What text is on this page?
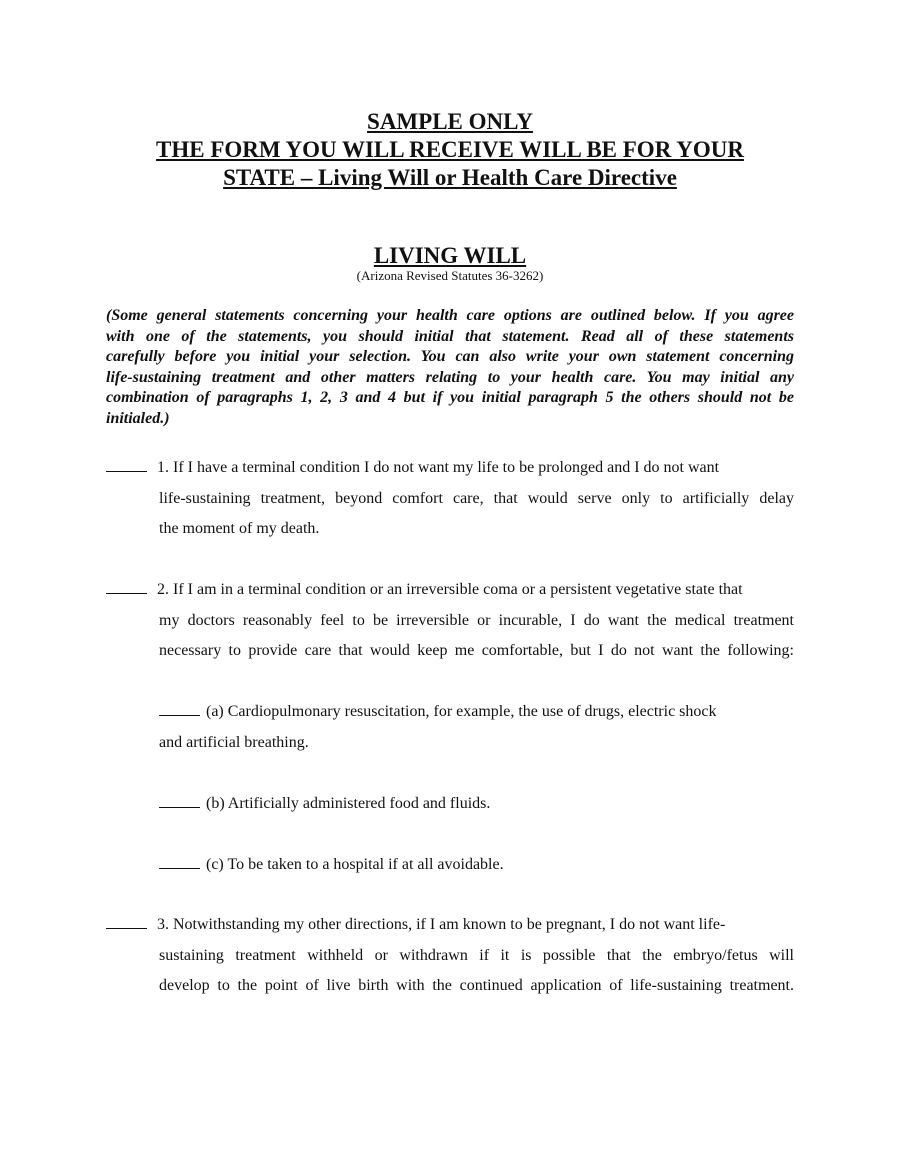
SAMPLE ONLY
THE FORM YOU WILL RECEIVE WILL BE FOR YOUR
STATE – Living Will or Health Care Directive
LIVING WILL
(Arizona Revised Statutes 36-3262)
(Some general statements concerning your health care options are outlined below. If you agree
with one of the statements, you should initial that statement. Read all of these statements
carefully before you initial your selection. You can also write your own statement concerning
life-sustaining treatment and other matters relating to your health care. You may initial any
combination of paragraphs 1, 2, 3 and 4 but if you initial paragraph 5 the others should not be
initialed.)
1. If I have a terminal condition I do not want my life to be prolonged and I do not want
life-sustaining treatment, beyond comfort care, that would serve only to artificially delay
the moment of my death.
2. If I am in a terminal condition or an irreversible coma or a persistent vegetative state that
my doctors reasonably feel to be irreversible or incurable, I do want the medical treatment
necessary to provide care that would keep me comfortable, but I do not want the following:
(a) Cardiopulmonary resuscitation, for example, the use of drugs, electric shock
and artificial breathing.
(b) Artificially administered food and fluids.
(c) To be taken to a hospital if at all avoidable.
3. Notwithstanding my other directions, if I am known to be pregnant, I do not want life-
sustaining treatment withheld or withdrawn if it is possible that the embryo/fetus will
develop to the point of live birth with the continued application of life-sustaining treatment.
